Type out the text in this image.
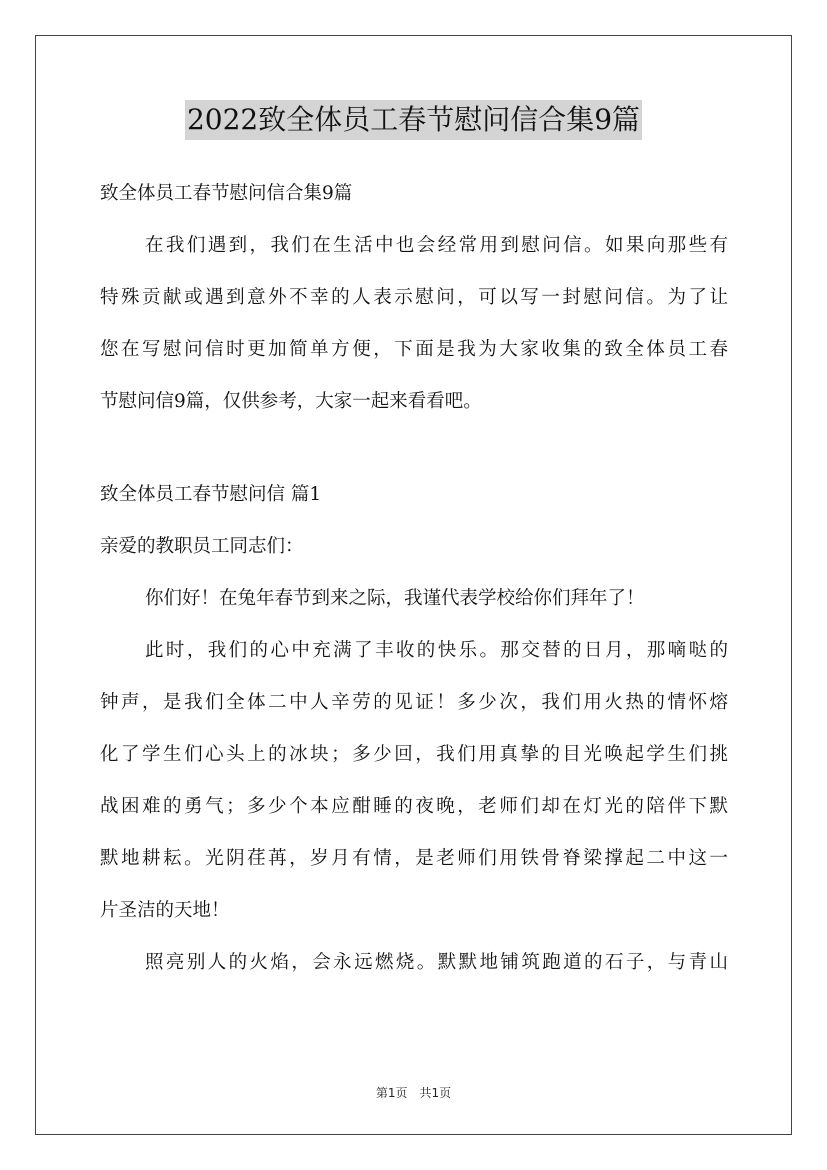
2022致全体员工春节慰问信合集9篇
致全体员工春节慰问信合集9篇
在我们遇到，我们在生活中也会经常用到慰问信。如果向那些有
特殊贡献或遇到意外不幸的人表示慰问，可以写一封慰问信。为了让
您在写慰问信时更加简单方便，下面是我为大家收集的致全体员工春
节慰问信9篇，仅供参考，大家一起来看看吧。
致全体员工春节慰问信 篇1
亲爱的教职员工同志们：
你们好！在兔年春节到来之际，我谨代表学校给你们拜年了！
此时，我们的心中充满了丰收的快乐。那交替的日月，那嘀哒的
钟声，是我们全体二中人辛劳的见证！多少次，我们用火热的情怀熔
化了学生们心头上的冰块；多少回，我们用真挚的目光唤起学生们挑
战困难的勇气；多少个本应酣睡的夜晚，老师们却在灯光的陪伴下默
默地耕耘。光阴荏苒，岁月有情，是老师们用铁骨脊梁撑起二中这一
片圣洁的天地！
照亮别人的火焰，会永远燃烧。默默地铺筑跑道的石子，与青山
第1页　共1页
